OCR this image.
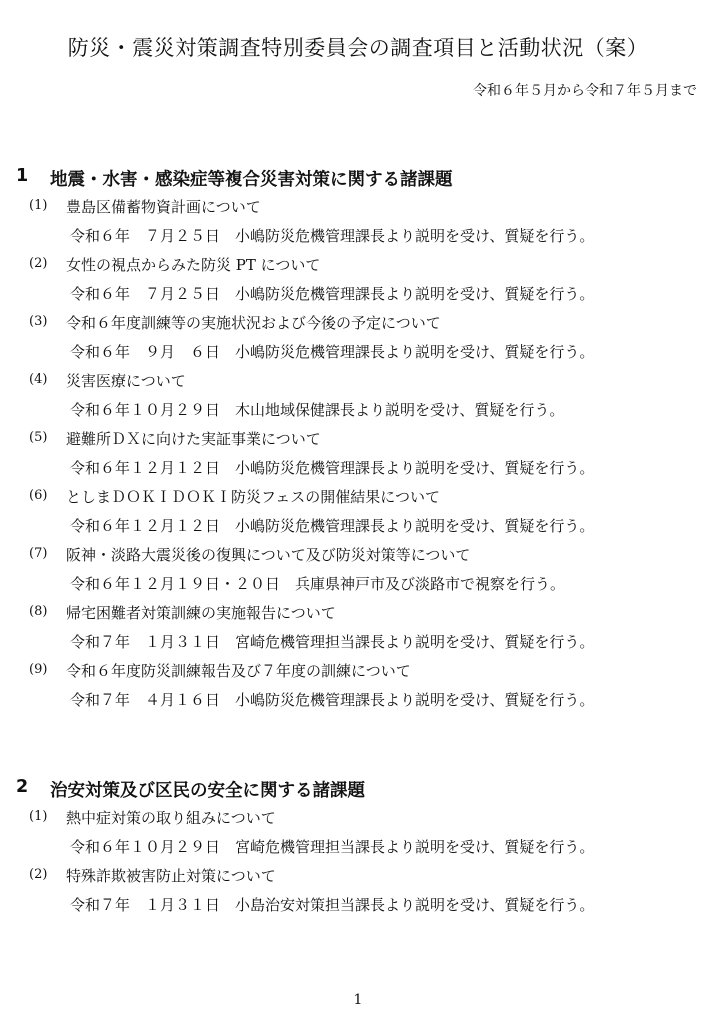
防災・震災対策調査特別委員会の調査項目と活動状況（案）
令和６年５月から令和７年５月まで
1 地震・水害・感染症等複合災害対策に関する諸課題
(1) 豊島区備蓄物資計画について
令和６年　７月２５日　小嶋防災危機管理課長より説明を受け、質疑を行う。
(2) 女性の視点からみた防災 PT について
令和６年　７月２５日　小嶋防災危機管理課長より説明を受け、質疑を行う。
(3) 令和６年度訓練等の実施状況および今後の予定について
令和６年　９月　６日　小嶋防災危機管理課長より説明を受け、質疑を行う。
(4) 災害医療について
令和６年１０月２９日　木山地域保健課長より説明を受け、質疑を行う。
(5) 避難所ＤＸに向けた実証事業について
令和６年１２月１２日　小嶋防災危機管理課長より説明を受け、質疑を行う。
(6) としまＤＯＫＩＤＯＫＩ防災フェスの開催結果について
令和６年１２月１２日　小嶋防災危機管理課長より説明を受け、質疑を行う。
(7) 阪神・淡路大震災後の復興について及び防災対策等について
令和６年１２月１９日・２０日　兵庫県神戸市及び淡路市で視察を行う。
(8) 帰宅困難者対策訓練の実施報告について
令和７年　１月３１日　宮崎危機管理担当課長より説明を受け、質疑を行う。
(9) 令和６年度防災訓練報告及び７年度の訓練について
令和７年　４月１６日　小嶋防災危機管理課長より説明を受け、質疑を行う。
2 治安対策及び区民の安全に関する諸課題
(1) 熱中症対策の取り組みについて
令和６年１０月２９日　宮崎危機管理担当課長より説明を受け、質疑を行う。
(2) 特殊詐欺被害防止対策について
令和７年　１月３１日　小島治安対策担当課長より説明を受け、質疑を行う。
1
